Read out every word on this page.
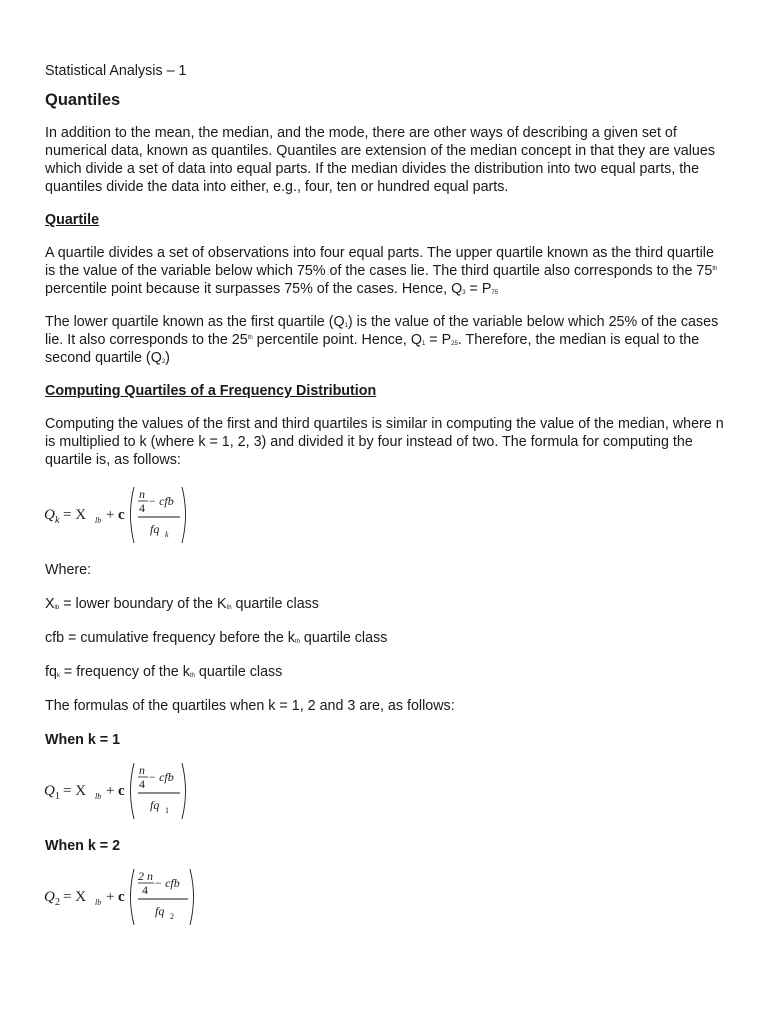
Statistical Analysis – 1

Quantiles

In addition to the mean, the median, and the mode, there are other ways of describing a given set of numerical data, known as quantiles. Quantiles are extension of the median concept in that they are values which divide a set of data into equal parts. If the median divides the distribution into two equal parts, the quantiles divide the data into either, e.g., four, ten or hundred equal parts.

Quartile

A quartile divides a set of observations into four equal parts. The upper quartile known as the third quartile is the value of the variable below which 75% of the cases lie. The third quartile also corresponds to the 75th percentile point because it surpasses 75% of the cases. Hence, Q3 = P75

The lower quartile known as the first quartile (Q1) is the value of the variable below which 25% of the cases lie. It also corresponds to the 25th percentile point. Hence, Q1 = P25. Therefore, the median is equal to the second quartile (Q2)

Computing Quartiles of a Frequency Distribution

Computing the values of the first and third quartiles is similar in computing the value of the median, where n is multiplied to k (where k = 1, 2, 3) and divided it by four instead of two. The formula for computing the quartile is, as follows:

Q k = X lb + c
n
4 − cfb
fq k

Where:

Xlb = lower boundary of the Kth quartile class

cfb = cumulative frequency before the kth quartile class

fqk = frequency of the kth quartile class

The formulas of the quartiles when k = 1, 2 and 3 are, as follows:

When k = 1

Q 1 = X lb + c
n
4 − cfb
fq 1

When k = 2

Q 2 = X lb + c
2 n
4 − cfb
fq 2
